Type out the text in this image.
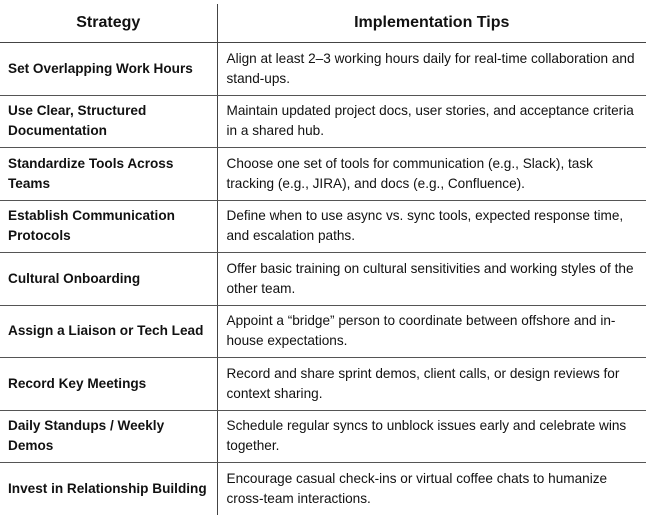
Strategy	Implementation Tips
Set Overlapping Work Hours	Align at least 2–3 working hours daily for real-time collaboration and stand-ups.
Use Clear, Structured Documentation	Maintain updated project docs, user stories, and acceptance criteria in a shared hub.
Standardize Tools Across Teams	Choose one set of tools for communication (e.g., Slack), task tracking (e.g., JIRA), and docs (e.g., Confluence).
Establish Communication Protocols	Define when to use async vs. sync tools, expected response time, and escalation paths.
Cultural Onboarding	Offer basic training on cultural sensitivities and working styles of the other team.
Assign a Liaison or Tech Lead	Appoint a “bridge” person to coordinate between offshore and in-house expectations.
Record Key Meetings	Record and share sprint demos, client calls, or design reviews for context sharing.
Daily Standups / Weekly Demos	Schedule regular syncs to unblock issues early and celebrate wins together.
Invest in Relationship Building	Encourage casual check-ins or virtual coffee chats to humanize cross-team interactions.
